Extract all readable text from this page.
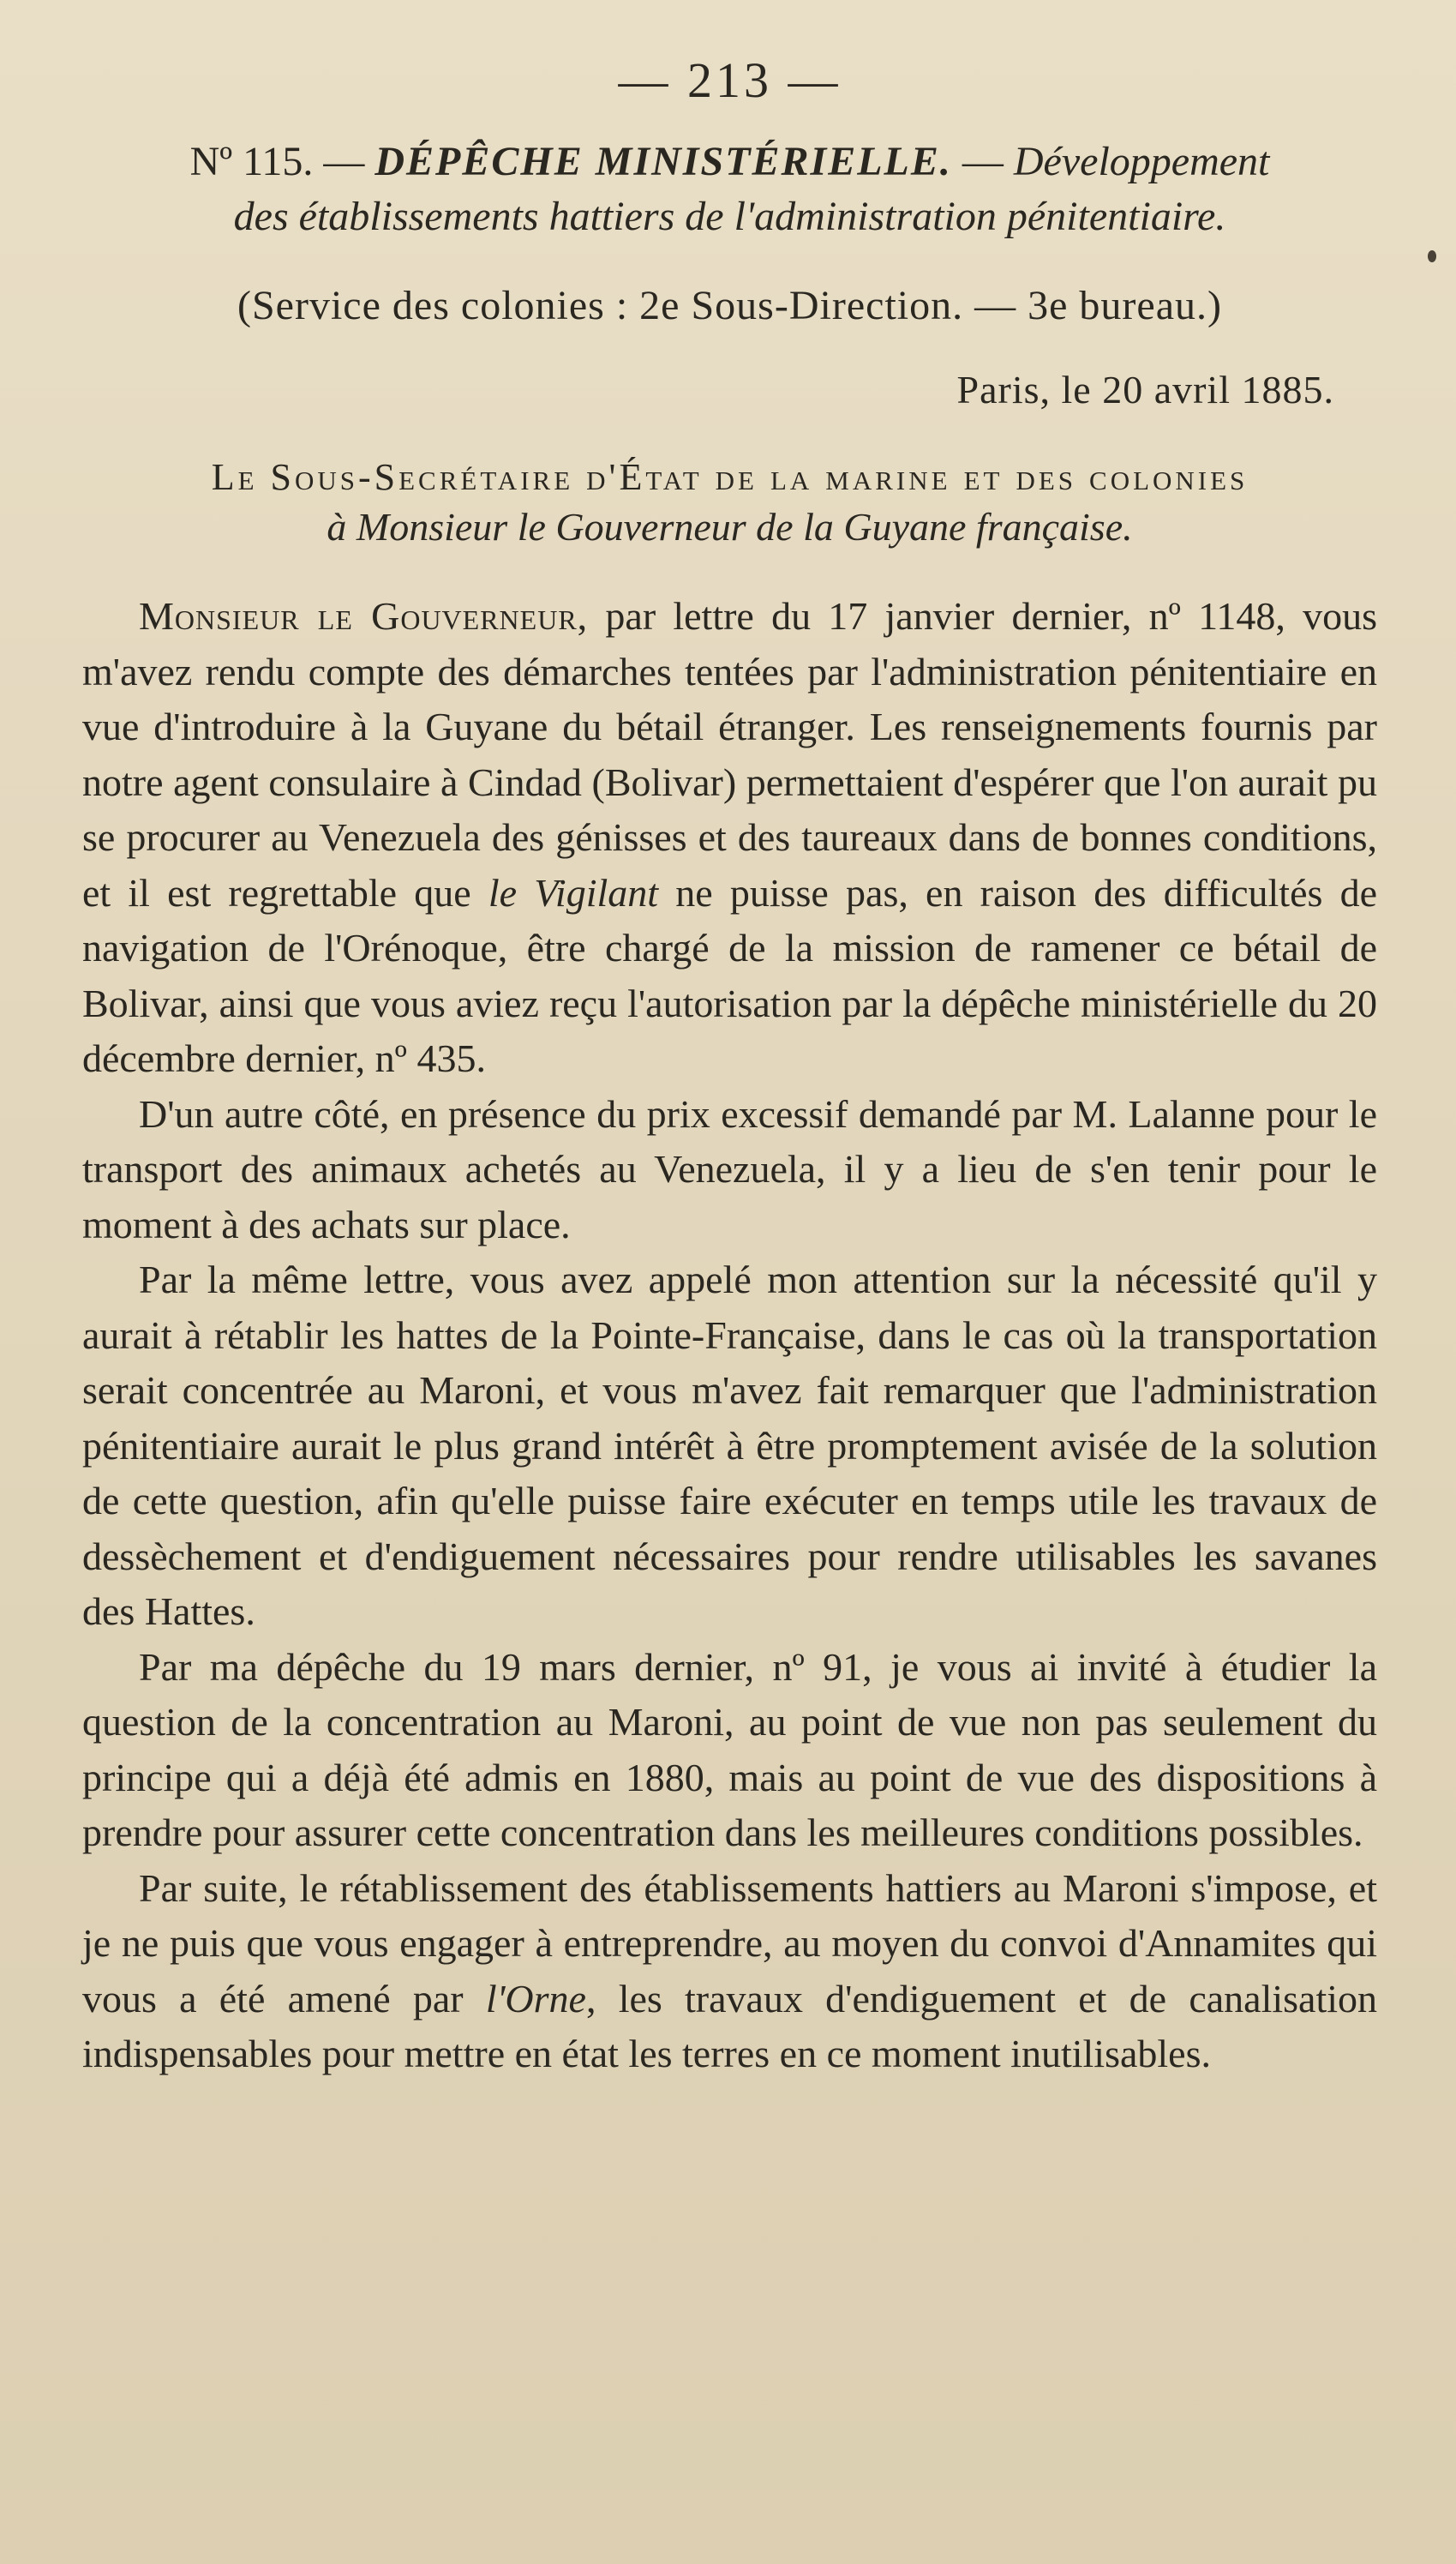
— 213 —

Nº 115. — DÉPÊCHE MINISTÉRIELLE. — Développement
des établissements hattiers de l'administration pénitentiaire.

(Service des colonies : 2e Sous-Direction. — 3e bureau.)

Paris, le 20 avril 1885.

Le Sous-Secrétaire d'État de la marine et des colonies

à Monsieur le Gouverneur de la Guyane française.

Monsieur le Gouverneur, par lettre du 17 janvier dernier, nº 1148, vous m'avez rendu compte des démarches tentées par l'administration pénitentiaire en vue d'introduire à la Guyane du bétail étranger. Les renseignements fournis par notre agent consulaire à Cindad (Bolivar) permettaient d'espérer que l'on aurait pu se procurer au Venezuela des génisses et des taureaux dans de bonnes conditions, et il est regrettable que le Vigilant ne puisse pas, en raison des difficultés de navigation de l'Orénoque, être chargé de la mission de ramener ce bétail de Bolivar, ainsi que vous aviez reçu l'autorisation par la dépêche ministérielle du 20 décembre dernier, nº 435.

D'un autre côté, en présence du prix excessif demandé par M. Lalanne pour le transport des animaux achetés au Venezuela, il y a lieu de s'en tenir pour le moment à des achats sur place.

Par la même lettre, vous avez appelé mon attention sur la nécessité qu'il y aurait à rétablir les hattes de la Pointe-Française, dans le cas où la transportation serait concentrée au Maroni, et vous m'avez fait remarquer que l'administration pénitentiaire aurait le plus grand intérêt à être promptement avisée de la solution de cette question, afin qu'elle puisse faire exécuter en temps utile les travaux de dessèchement et d'endiguement nécessaires pour rendre utilisables les savanes des Hattes.

Par ma dépêche du 19 mars dernier, nº 91, je vous ai invité à étudier la question de la concentration au Maroni, au point de vue non pas seulement du principe qui a déjà été admis en 1880, mais au point de vue des dispositions à prendre pour assurer cette concentration dans les meilleures conditions possibles.

Par suite, le rétablissement des établissements hattiers au Maroni s'impose, et je ne puis que vous engager à entreprendre, au moyen du convoi d'Annamites qui vous a été amené par l'Orne, les travaux d'endiguement et de canalisation indispensables pour mettre en état les terres en ce moment inutilisables.
